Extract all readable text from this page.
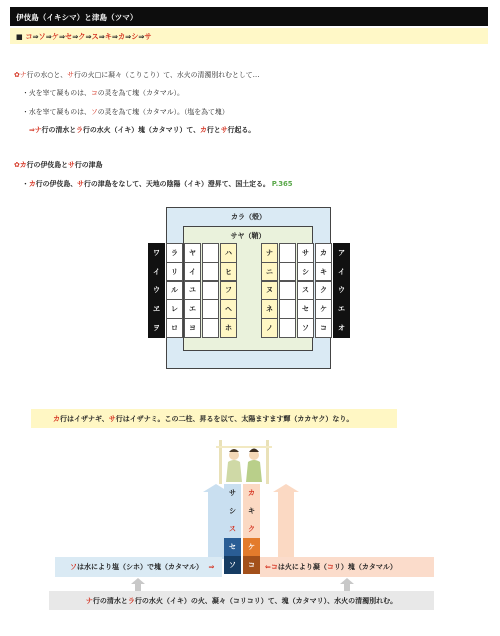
伊伎島（イキシマ）と津島（ツマ）
■ コ⇒ソ⇒ケ⇒セ⇒ク⇒ス⇒キ⇒カ⇒シ⇒サ
✿ナ行の水○と、サ行の火□に凝々（こりこり）て、水火の清濁別れむとして…
・火を宰て凝ものは、コの灵を為て塊（カタマル）。
・水を宰て凝ものは、ソの灵を為て塊（カタマル）。（塩を為て塊）
⇒ナ行の清水とラ行の水火（イキ）塊（カタマリ）て、カ行とサ行起る。
✿カ行の伊伎島とサ行の津島
・カ行の伊伎島、サ行の津島をなして、天地の陰陽（イキ）澄昇て、国土定る。 P.365
カラ（殻）
サヤ（鞘）
ワ
イ
ウ
ヱ
ヲ
ラ
リ
ル
レ
ロ
ヤ
イ
ユ
エ
ヨ
ハ
ヒ
フ
ヘ
ホ
ナ
ニ
ヌ
ネ
ノ
サ
シ
ス
セ
ソ
カ
キ
ク
ケ
コ
ア
イ
ウ
エ
オ
カ行はイザナギ、サ行はイザナミ。この二柱、昇るを以て、太陽ますます輝（カカヤク）なり。
サ
シ
ス
セ
ソ
カ
キ
ク
ケ
コ
ソは水により塩（シホ）で塊（カタマル） ⇒	⇐コは火により凝（コリ）塊（カタマル）
ナ行の清水とラ行の水火（イキ）の火、凝々（コリコリ）て、塊（カタマリ）、水火の清濁別れむ。
